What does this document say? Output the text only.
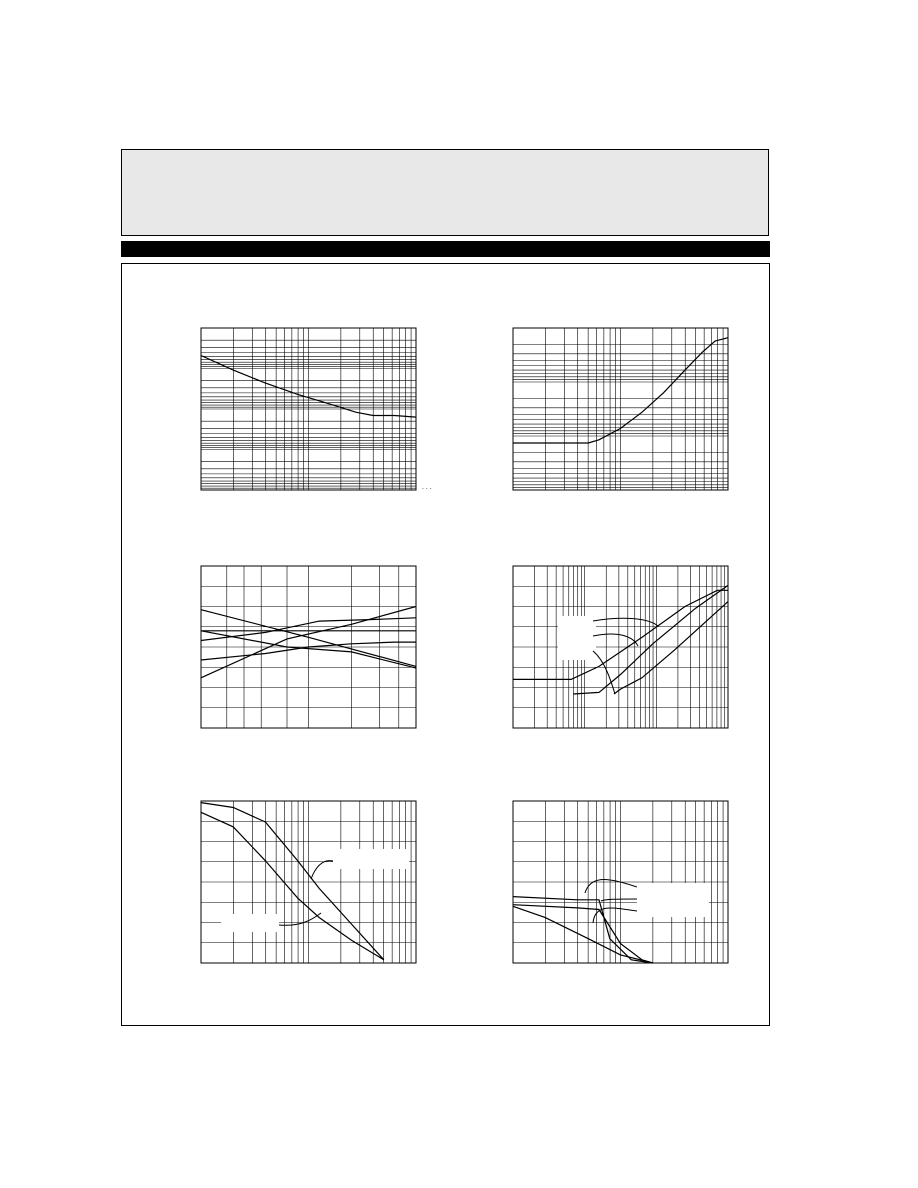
. . .
